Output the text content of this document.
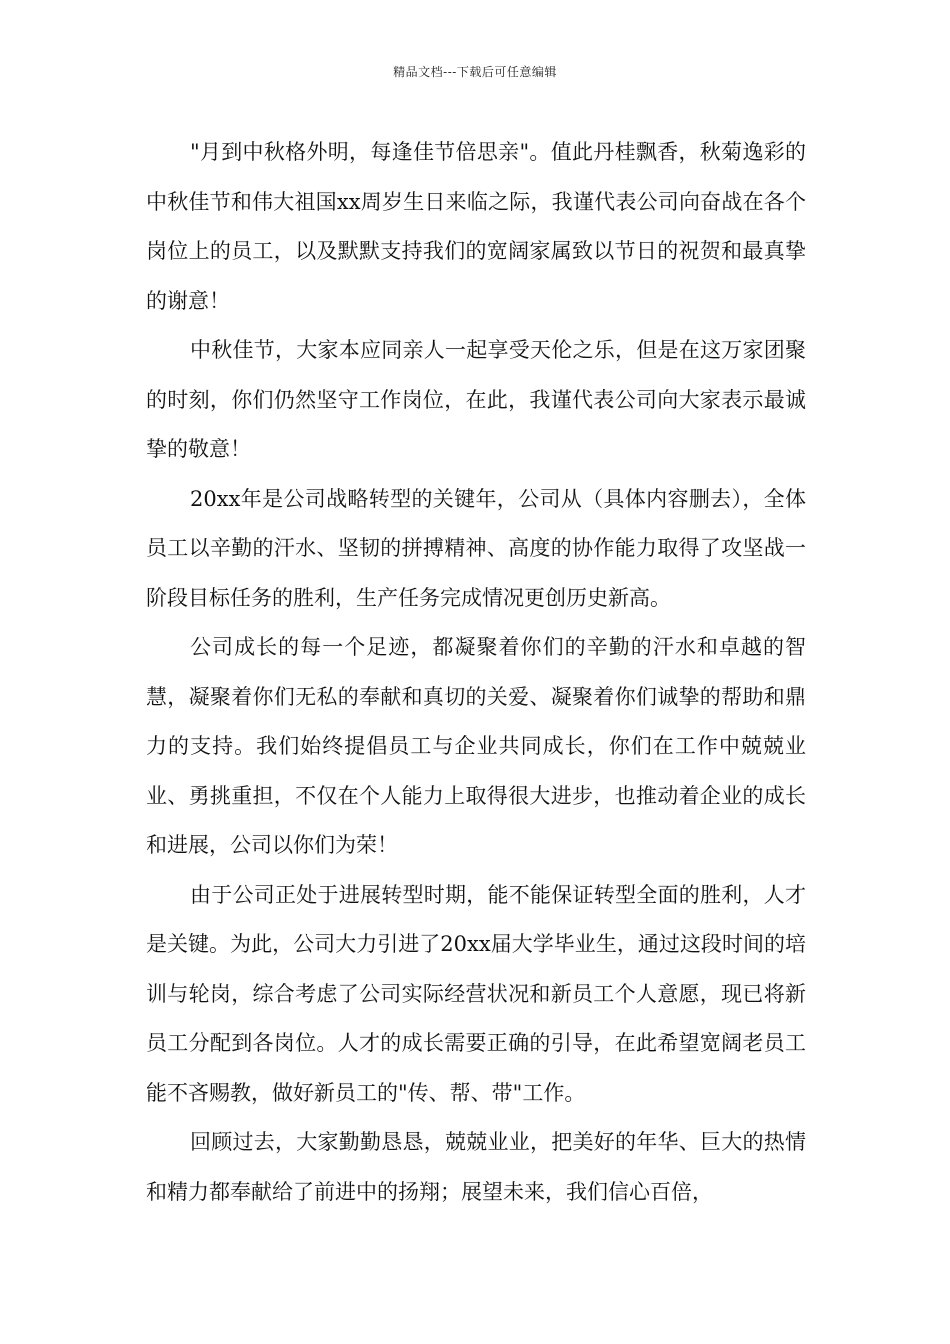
精品文档---下载后可任意编辑

"月到中秋格外明，每逢佳节倍思亲"。值此丹桂飘香，秋菊逸彩的中秋佳节和伟大祖国xx周岁生日来临之际，我谨代表公司向奋战在各个岗位上的员工，以及默默支持我们的宽阔家属致以节日的祝贺和最真挚的谢意！

中秋佳节，大家本应同亲人一起享受天伦之乐，但是在这万家团聚的时刻，你们仍然坚守工作岗位，在此，我谨代表公司向大家表示最诚挚的敬意！

20xx年是公司战略转型的关键年，公司从（具体内容删去），全体员工以辛勤的汗水、坚韧的拼搏精神、高度的协作能力取得了攻坚战一阶段目标任务的胜利，生产任务完成情况更创历史新高。

公司成长的每一个足迹，都凝聚着你们的辛勤的汗水和卓越的智慧，凝聚着你们无私的奉献和真切的关爱、凝聚着你们诚挚的帮助和鼎力的支持。我们始终提倡员工与企业共同成长，你们在工作中兢兢业业、勇挑重担，不仅在个人能力上取得很大进步，也推动着企业的成长和进展，公司以你们为荣！

由于公司正处于进展转型时期，能不能保证转型全面的胜利，人才是关键。为此，公司大力引进了20xx届大学毕业生，通过这段时间的培训与轮岗，综合考虑了公司实际经营状况和新员工个人意愿，现已将新员工分配到各岗位。人才的成长需要正确的引导，在此希望宽阔老员工能不吝赐教，做好新员工的"传、帮、带"工作。

回顾过去，大家勤勤恳恳，兢兢业业，把美好的年华、巨大的热情和精力都奉献给了前进中的扬翔；展望未来，我们信心百倍，
